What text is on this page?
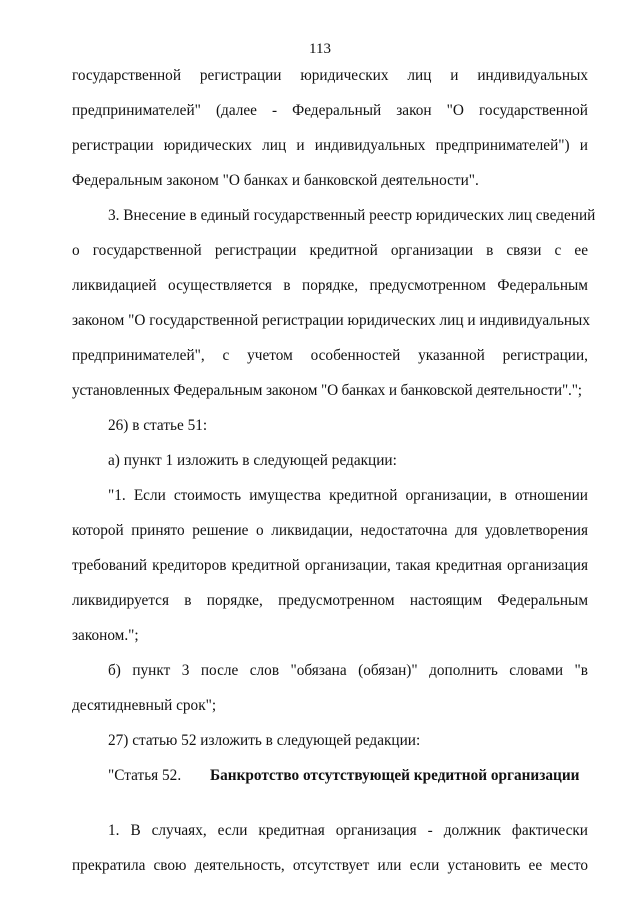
113
государственной регистрации юридических лиц и индивидуальных
предпринимателей" (далее - Федеральный закон "О государственной
регистрации юридических лиц и индивидуальных предпринимателей") и
Федеральным законом "О банках и банковской деятельности".
3. Внесение в единый государственный реестр юридических лиц сведений
о государственной регистрации кредитной организации в связи с ее
ликвидацией осуществляется в порядке, предусмотренном Федеральным
законом "О государственной регистрации юридических лиц и индивидуальных
предпринимателей", с учетом особенностей указанной регистрации,
установленных Федеральным законом "О банках и банковской деятельности".";
26) в статье 51:
а) пункт 1 изложить в следующей редакции:
"1. Если стоимость имущества кредитной организации, в отношении
которой принято решение о ликвидации, недостаточна для удовлетворения
требований кредиторов кредитной организации, такая кредитная организация
ликвидируется в порядке, предусмотренном настоящим Федеральным
законом.";
б) пункт 3 после слов "обязана (обязан)" дополнить словами "в
десятидневный срок";
27) статью 52 изложить в следующей редакции:
"Статья 52. Банкротство отсутствующей кредитной организации
1. В случаях, если кредитная организация - должник фактически
прекратила свою деятельность, отсутствует или если установить ее место
